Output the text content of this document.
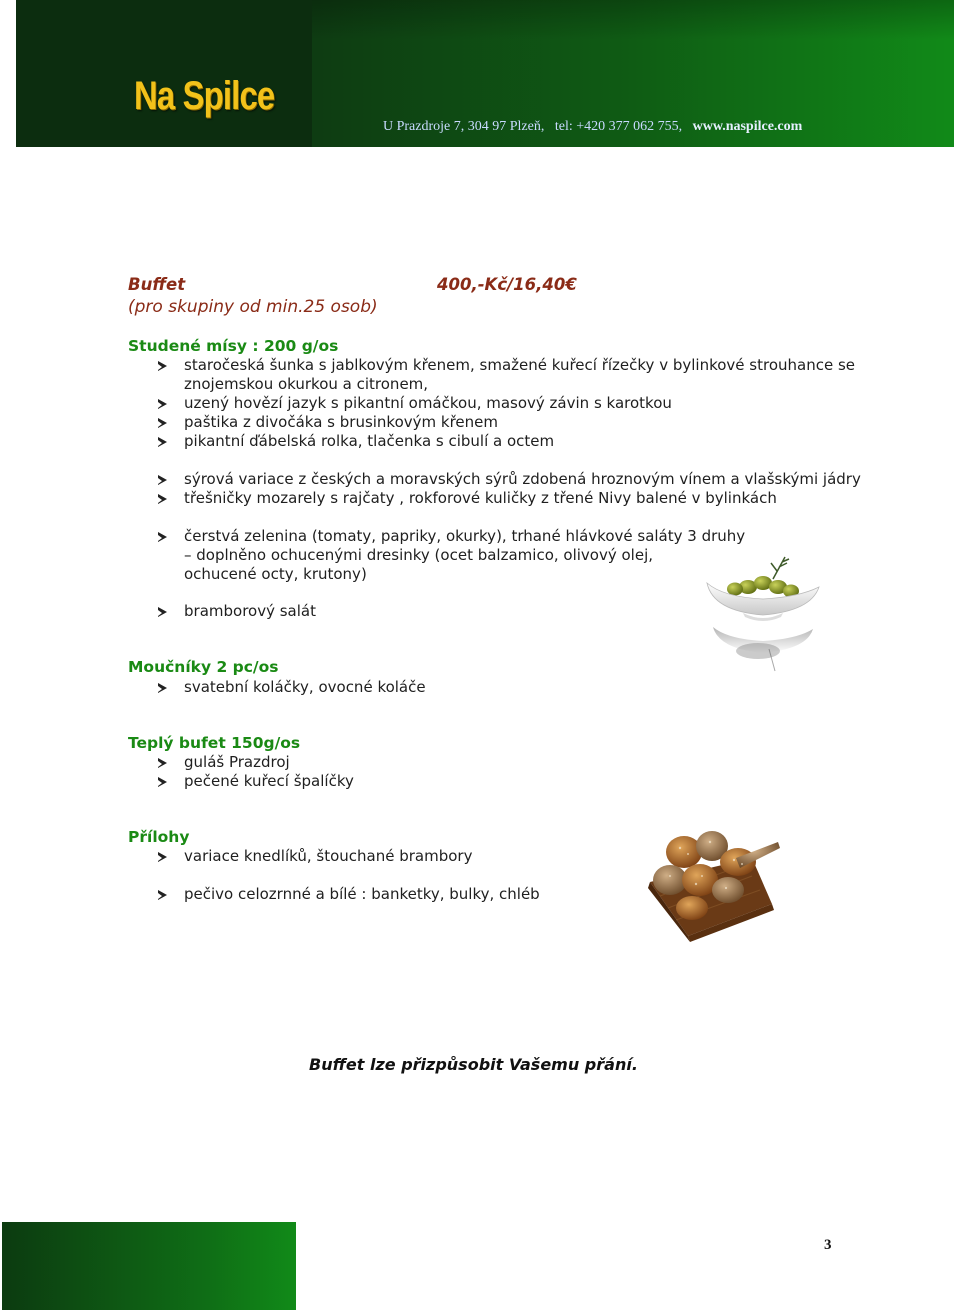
Na Spilce
U Prazdroje 7, 304 97 Plzeň,   tel: +420 377 062 755,   www.naspilce.com
Buffet	400,-Kč/16,40€
(pro skupiny od min.25 osob)
Studené mísy : 200 g/os
staročeská šunka s jablkovým křenem, smažené kuřecí řízečky v bylinkové strouhance se
znojemskou okurkou a citronem,
uzený hovězí jazyk s pikantní omáčkou, masový závin s karotkou
paštika z divočáka s brusinkovým křenem
pikantní ďábelská rolka, tlačenka s cibulí a octem
sýrová variace z českých a moravských sýrů zdobená hroznovým vínem a vlašskými jádry
třešničky mozarely s rajčaty , rokforové kuličky z třené Nivy balené v bylinkách
čerstvá zelenina (tomaty, papriky, okurky), trhané hlávkové saláty 3 druhy
– doplněno ochucenými dresinky (ocet balzamico, olivový olej,
ochucené octy, krutony)
bramborový salát
Moučníky 2 pc/os
svatební koláčky, ovocné koláče
Teplý bufet 150g/os
guláš Prazdroj
pečené kuřecí špalíčky
Přílohy
variace knedlíků, štouchané brambory
pečivo celozrnné a bílé : banketky, bulky, chléb
Buffet lze přizpůsobit Vašemu přání.
3
